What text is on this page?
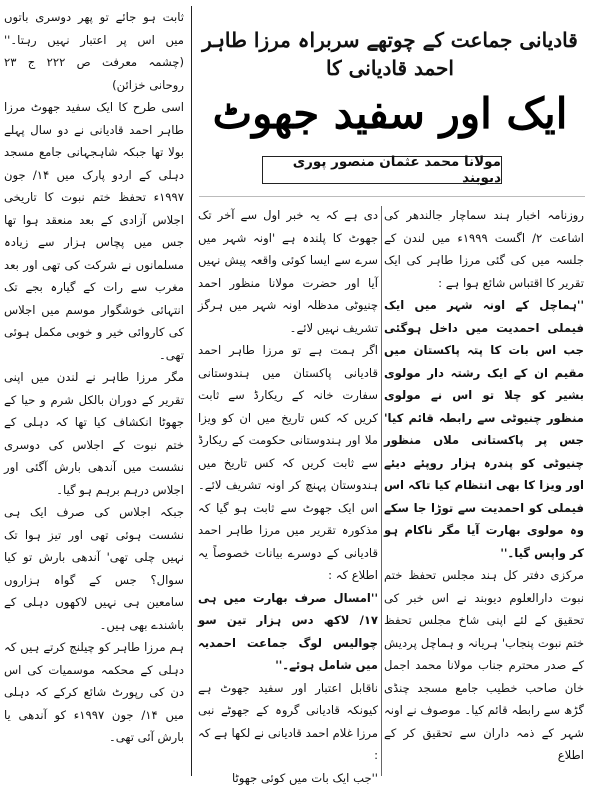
قادیانی جماعت کے چوتھے سربراہ مرزا طاہر احمد قادیانی کا
ایک اور سفید جھوٹ
مولانا محمد عثمان منصور پوری دیوبند

ثابت ہو جائے تو پھر دوسری باتوں میں اس پر اعتبار نہیں رہتا۔'' (چشمہ معرفت ص ۲۲۲ ج ۲۳ روحانی خزائن)

اسی طرح کا ایک سفید جھوٹ مرزا طاہر احمد قادیانی نے دو سال پہلے بولا تھا جبکہ شاہجہانی جامع مسجد دہلی کے اردو پارک میں ۱۴/ جون ۱۹۹۷ء تحفظ ختم نبوت کا تاریخی اجلاس آزادی کے بعد منعقد ہوا تھا جس میں پچاس ہزار سے زیادہ مسلمانوں نے شرکت کی تھی اور بعد مغرب سے رات کے گیارہ بجے تک انتہائی خوشگوار موسم میں اجلاس کی کاروائی خیر و خوبی مکمل ہوئی تھی۔

مگر مرزا طاہر نے لندن میں اپنی تقریر کے دوران بالکل شرم و حیا کے جھوٹا انکشاف کیا تھا کہ دہلی کے ختم نبوت کے اجلاس کی دوسری نشست میں آندھی بارش آگئی اور اجلاس درہم برہم ہو گیا۔

جبکہ اجلاس کی صرف ایک ہی نشست ہوئی تھی اور تیز ہوا تک نہیں چلی تھی' آندھی بارش تو کیا سوال؟ جس کے گواہ ہزاروں سامعین ہی نہیں لاکھوں دہلی کے باشندے بھی ہیں۔

ہم مرزا طاہر کو چیلنج کرتے ہیں کہ دہلی کے محکمہ موسمیات کی اس دن کی رپورٹ شائع کرکے کہ دہلی میں ۱۴/ جون ۱۹۹۷ء کو آندھی یا بارش آئی تھی۔

دی ہے کہ یہ خبر اول سے آخر تک جھوٹ کا پلندہ ہے 'اونہ شہر میں سرے سے ایسا کوئی واقعہ پیش نہیں آیا اور حضرت مولانا منظور احمد چنیوٹی مدظلہ اونہ شہر میں ہرگز تشریف نہیں لائے۔

اگر ہمت ہے تو مرزا طاہر احمد قادیانی پاکستان میں ہندوستانی سفارت خانہ کے ریکارڈ سے ثابت کریں کہ کس تاریخ میں ان کو ویزا ملا اور ہندوستانی حکومت کے ریکارڈ سے ثابت کریں کہ کس تاریخ میں ہندوستان پہنچ کر اونہ تشریف لائے۔ اس ایک جھوٹ سے ثابت ہو گیا کہ مذکورہ تقریر میں مرزا طاہر احمد قادیانی کے دوسرے بیانات خصوصاً یہ اطلاع کہ :

''امسال صرف بھارت میں ہی ۱۷/ لاکھ دس ہزار تین سو چوالیس لوگ جماعت احمدیہ میں شامل ہوئے۔''

ناقابل اعتبار اور سفید جھوٹ ہے کیونکہ قادیانی گروہ کے جھوٹے نبی مرزا غلام احمد قادیانی نے لکھا ہے کہ :

''جب ایک بات میں کوئی جھوٹا

روزنامہ اخبار ہند سماچار جالندھر کی اشاعت ۲/ اگست ۱۹۹۹ء میں لندن کے جلسہ میں کی گئی مرزا طاہر کی ایک تقریر کا اقتباس شائع ہوا ہے :

''ہماچل کے اونہ شہر میں ایک فیملی احمدیت میں داخل ہوگئی جب اس بات کا پتہ پاکستان میں مقیم ان کے ایک رشتہ دار مولوی بشیر کو چلا تو اس نے مولوی منظور چنیوٹی سے رابطہ قائم کیا' جس پر پاکستانی ملاں منظور چنیوٹی کو پندرہ ہزار روپئے دیئے اور ویزا کا بھی انتظام کیا تاکہ اس فیملی کو احمدیت سے توڑا جا سکے وہ مولوی بھارت آیا مگر ناکام ہو کر واپس گیا۔''

مرکزی دفتر کل ہند مجلس تحفظ ختم نبوت دارالعلوم دیوبند نے اس خبر کی تحقیق کے لئے اپنی شاخ مجلس تحفظ ختم نبوت پنجاب' ہریانہ و ہماچل پردیش کے صدر محترم جناب مولانا محمد اجمل خان صاحب خطیب جامع مسجد چنڈی گڑھ سے رابطہ قائم کیا۔ موصوف نے اونہ شہر کے ذمہ داران سے تحقیق کر کے اطلاع
